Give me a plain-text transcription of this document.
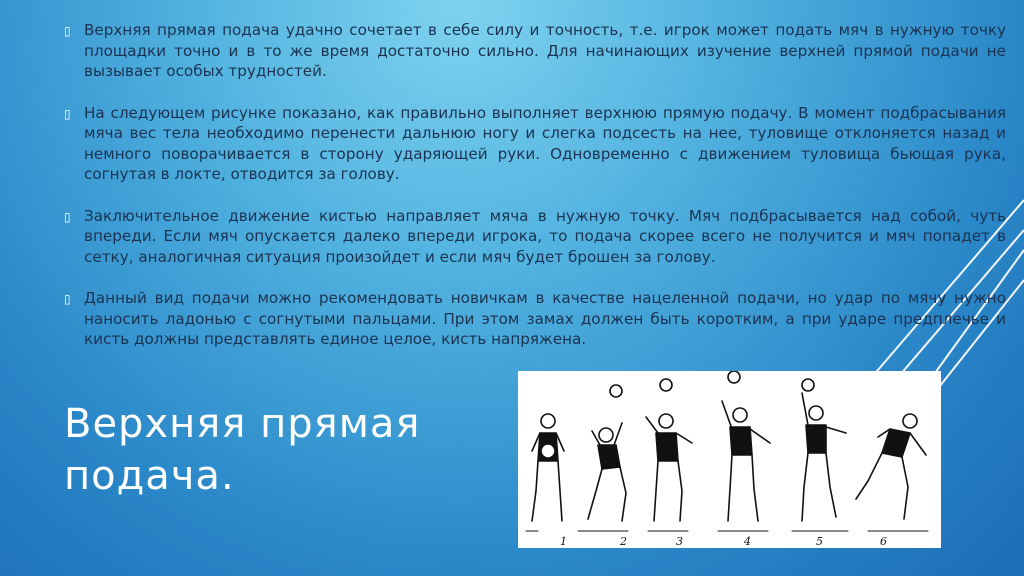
▯ Верхняя прямая подача удачно сочетает в себе силу и точность, т.е. игрок может подать мяч в нужную точку площадки точно и в то же время достаточно сильно. Для начинающих изучение верхней прямой подачи не вызывает особых трудностей.
▯ На следующем рисунке показано, как правильно выполняет верхнюю прямую подачу. В момент подбрасывания мяча вес тела необходимо перенести дальнюю ногу и слегка подсесть на нее, туловище отклоняется назад и немного поворачивается в сторону ударяющей руки. Одновременно с движением туловища бьющая рука, согнутая в локте, отводится за голову.
▯ Заключительное движение кистью направляет мяча в нужную точку. Мяч подбрасывается над собой, чуть впереди. Если мяч опускается далеко впереди игрока, то подача скорее всего не получится и мяч попадет в сетку, аналогичная ситуация произойдет и если мяч будет брошен за голову.
▯ Данный вид подачи можно рекомендовать новичкам в качестве нацеленной подачи, но удар по мячу нужно наносить ладонью с согнутыми пальцами. При этом замах должен быть коротким, а при ударе предплечье и кисть должны представлять единое целое, кисть напряжена.
Верхняя прямая
подача.
1	2	3	4	5	6
